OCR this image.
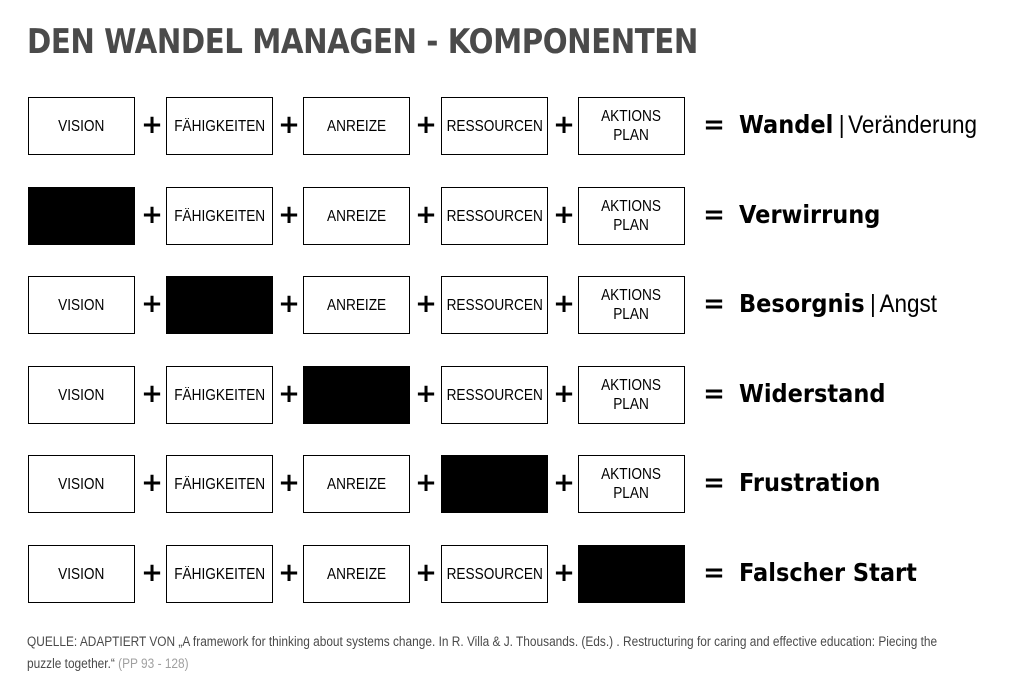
DEN WANDEL MANAGEN - KOMPONENTEN
VISION + FÄHIGKEITEN + ANREIZE + RESSOURCEN + AKTIONS
PLAN	= Wandel | Veränderung
+ FÄHIGKEITEN + ANREIZE + RESSOURCEN + AKTIONS
PLAN	= Verwirrung
VISION +	+ ANREIZE + RESSOURCEN + AKTIONS
PLAN	= Besorgnis | Angst
VISION + FÄHIGKEITEN +	+ RESSOURCEN + AKTIONS
PLAN	= Widerstand
VISION + FÄHIGKEITEN + ANREIZE +	+ AKTIONS
PLAN	= Frustration
VISION + FÄHIGKEITEN + ANREIZE + RESSOURCEN +	= Falscher Start
QUELLE: ADAPTIERT VON „A framework for thinking about systems change. In R. Villa & J. Thousands. (Eds.) . Restructuring for caring and effective education: Piecing the puzzle together.“ (PP 93 - 128)
